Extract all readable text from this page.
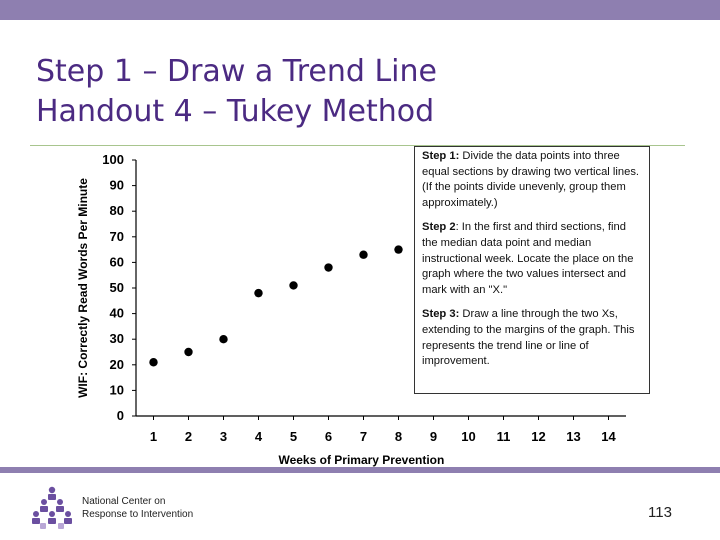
Step 1 – Draw a Trend Line
Handout 4 – Tukey Method
0
10
20
30
40
50
60
70
80
90
100
1 2 3 4 5 6 7 8 9 10 11 12 13 14
WIF: Correctly Read Words Per Minute
Weeks of Primary Prevention

Step 1: Divide the data points into three equal sections by drawing two vertical lines. (If the points divide unevenly, group them approximately.)

Step 2: In the first and third sections, find the median data point and median instructional week. Locate the place on the graph where the two values intersect and mark with an "X."

Step 3: Draw a line through the two Xs, extending to the margins of the graph. This represents the trend line or line of improvement.

National Center on
Response to Intervention	113
